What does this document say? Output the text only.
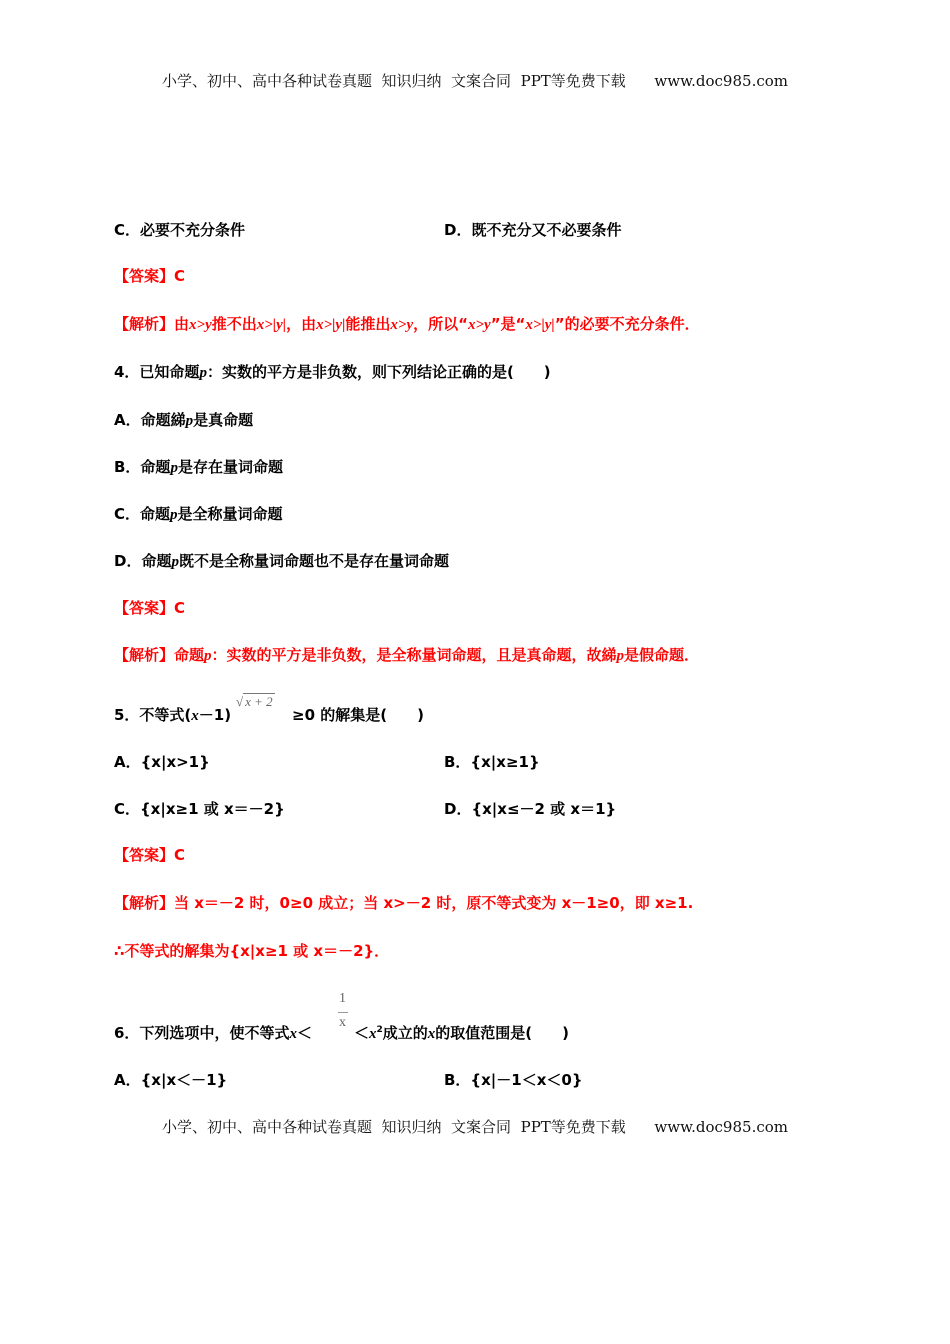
小学、初中、高中各种试卷真题  知识归纳  文案合同  PPT等免费下载      www.doc985.com
C．必要不充分条件	D．既不充分又不必要条件
【答案】C
【解析】由x>y推不出x>|y|，由x>|y|能推出x>y，所以“x>y”是“x>|y|”的必要不充分条件．
4．已知命题p：实数的平方是非负数，则下列结论正确的是(　　)
A．命题綈p是真命题
B．命题p是存在量词命题
C．命题p是全称量词命题
D．命题p既不是全称量词命题也不是存在量词命题
【答案】C
【解析】命题p：实数的平方是非负数，是全称量词命题，且是真命题，故綈p是假命题．
5．不等式(x－1)
√ x + 2
≥0 的解集是(　　)
A．{x|x>1}	B．{x|x≥1}
C．{x|x≥1 或 x＝－2}	D．{x|x≤－2 或 x＝1}
【答案】C
【解析】当 x＝－2 时，0≥0 成立；当 x>－2 时，原不等式变为 x－1≥0，即 x≥1.
∴不等式的解集为{x|x≥1 或 x＝－2}．
1
x
6．下列选项中，使不等式x＜	$<x^2$成立的x的取值范围是(　　)
A．{x|x＜－1}	B．{x|－1＜x＜0}
小学、初中、高中各种试卷真题  知识归纳  文案合同  PPT等免费下载      www.doc985.com
